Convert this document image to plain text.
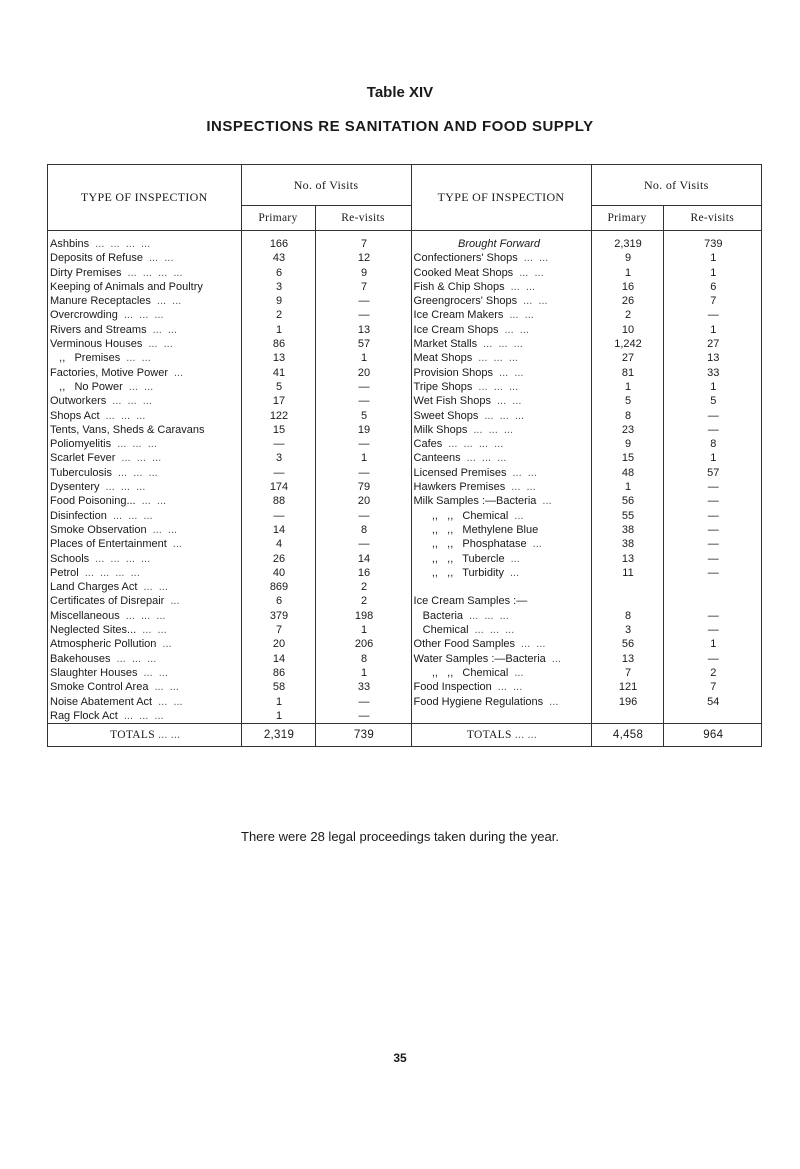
Table XIV
INSPECTIONS RE SANITATION AND FOOD SUPPLY
TYPE OF INSPECTION	No. of Visits		TYPE OF INSPECTION	No. of Visits	
	Primary	Re-visits		Primary	Re-visits
Ashbins ...  ...  ...  ...	166	7	Brought Forward	2,319	739
Deposits of Refuse ...  ...	43	12	Confectioners' Shops ...  ...	9	1
Dirty Premises ...  ...  ...  ...	6	9	Cooked Meat Shops ...  ...	1	1
Keeping of Animals and Poultry	3	7	Fish & Chip Shops ...  ...	16	6
Manure Receptacles ...  ...	9	—	Greengrocers' Shops ...  ...	26	7
Overcrowding ...  ...  ...	2	—	Ice Cream Makers ...  ...	2	—
Rivers and Streams ...  ...	1	13	Ice Cream Shops ...  ...	10	1
Verminous Houses ...  ...	86	57	Market Stalls ...  ...  ...	1,242	27
,,   Premises ...  ...	13	1	Meat Shops ...  ...  ...	27	13
Factories, Motive Power ...	41	20	Provision Shops ...  ...	81	33
,,   No Power ...  ...	5	—	Tripe Shops ...  ...  ...	1	1
Outworkers ...  ...  ...	17	—	Wet Fish Shops ...  ...	5	5
Shops Act ...  ...  ...	122	5	Sweet Shops ...  ...  ...	8	—
Tents, Vans, Sheds & Caravans	15	19	Milk Shops ...  ...  ...	23	—
Poliomyelitis ...  ...  ...	—	—	Cafes ...  ...  ...  ...	9	8
Scarlet Fever ...  ...  ...	3	1	Canteens ...  ...  ...	15	1
Tuberculosis ...  ...  ...	—	—	Licensed Premises ...  ...	48	57
Dysentery ...  ...  ...	174	79	Hawkers Premises ...  ...	1	—
Food Poisoning... ...  ...	88	20	Milk Samples :—Bacteria ...	56	—
Disinfection ...  ...  ...	—	—	,,   ,,   Chemical ...	55	—
Smoke Observation ...  ...	14	8	,,   ,,   Methylene Blue	38	—
Places of Entertainment ...	4	—	,,   ,,   Phosphatase ...	38	—
Schools ...  ...  ...  ...	26	14	,,   ,,   Tubercle ...	13	—
Petrol ...  ...  ...  ...	40	16	,,   ,,   Turbidity ...	11	—
Land Charges Act ...  ...	869	2			
Certificates of Disrepair ...	6	2	Ice Cream Samples :—		
Miscellaneous ...  ...  ...	379	198	Bacteria ...  ...  ...	8	—
Neglected Sites... ...  ...	7	1	Chemical ...  ...  ...	3	—
Atmospheric Pollution ...	20	206	Other Food Samples ...  ...	56	1
Bakehouses ...  ...  ...	14	8	Water Samples :—Bacteria ...	13	—
Slaughter Houses ...  ...	86	1	,,   ,,   Chemical ...	7	2
Smoke Control Area ...  ...	58	33	Food Inspection ...  ...	121	7
Noise Abatement Act ...  ...	1	—	Food Hygiene Regulations ...	196	54
Rag Flock Act ...  ...  ...	1	—			
TOTALS ... ...	2,319	739	TOTALS ... ...	4,458	964
There were 28 legal proceedings taken during the year.
35
